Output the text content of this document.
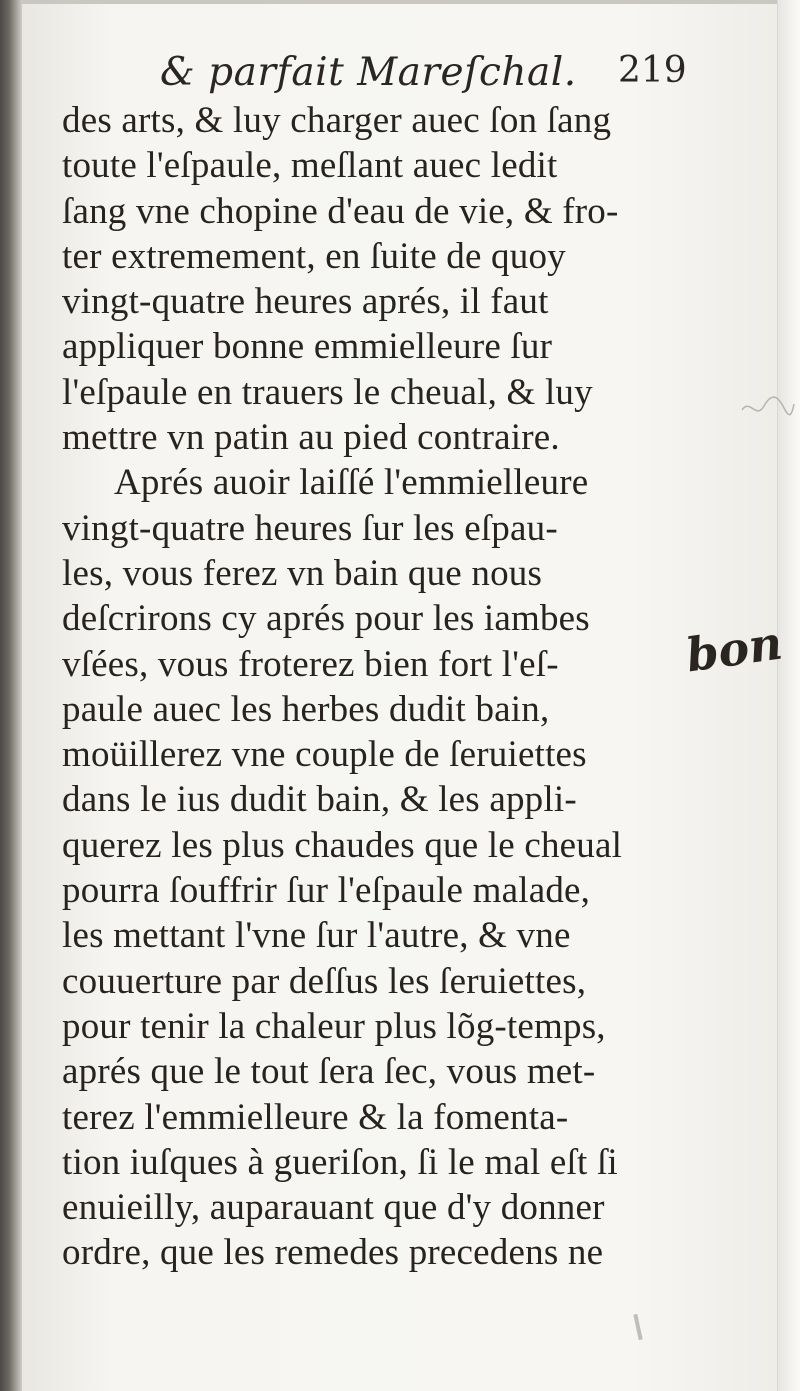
& parfait Mareſchal. 219
des arts, & luy charger auec ſon ſang
toute l'eſpaule, meſlant auec ledit
ſang vne chopine d'eau de vie, & fro-
ter extremement, en ſuite de quoy
vingt-quatre heures aprés, il faut
appliquer bonne emmielleure ſur
l'eſpaule en trauers le cheual, & luy
mettre vn patin au pied contraire.
Aprés auoir laiſſé l'emmielleure
vingt-quatre heures ſur les eſpau-
les, vous ferez vn bain que nous
deſcrirons cy aprés pour les iambes
vſées, vous froterez bien fort l'eſ-
paule auec les herbes dudit bain,
moüillerez vne couple de ſeruiettes
dans le ius dudit bain, & les appli-
querez les plus chaudes que le cheual
pourra ſouffrir ſur l'eſpaule malade,
les mettant l'vne ſur l'autre, & vne
couuerture par deſſus les ſeruiettes,
pour tenir la chaleur plus lõg-temps,
aprés que le tout ſera ſec, vous met-
terez l'emmielleure & la fomenta-
tion iuſques à gueriſon, ſi le mal eſt ſi
enuieilly, auparauant que d'y donner
ordre, que les remedes precedens ne
bon
